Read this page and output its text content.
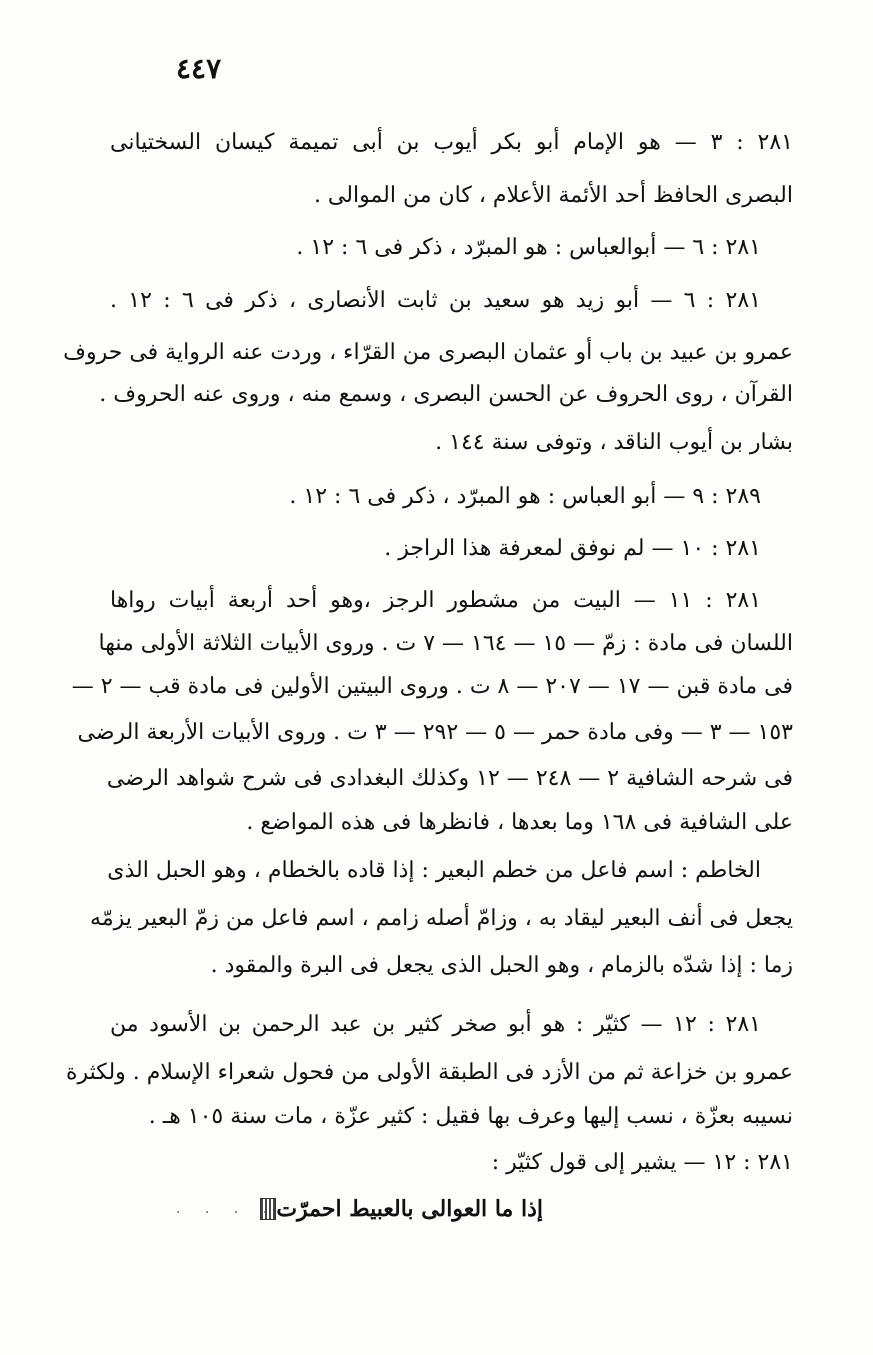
٤٤٧
٢٨١ : ٣ — هو الإمام أبو بكر أيوب بن أبى تميمة كيسان السختيانى
البصرى الحافظ أحد الأئمة الأعلام ، كان من الموالى .
٢٨١ : ٦ — أبوالعباس : هو المبرّد ، ذكر فى ٦ : ١٢ .
٢٨١ : ٦ — أبو زيد هو سعيد بن ثابت الأنصارى ، ذكر فى ٦ : ١٢ .
عمرو بن عبيد بن باب أو عثمان البصرى من القرّاء ، وردت عنه الرواية فى حروف
القرآن ، روى الحروف عن الحسن البصرى ، وسمع منه ، وروى عنه الحروف .
بشار بن أيوب الناقد ، وتوفى سنة ١٤٤ .
٢٨٩ : ٩ — أبو العباس : هو المبرّد ، ذكر فى ٦ : ١٢ .
٢٨١ : ١٠ — لم نوفق لمعرفة هذا الراجز .
٢٨١ : ١١ — البيت من مشطور الرجز ،وهو أحد أربعة أبيات رواها
اللسان فى مادة : زمّ — ١٥ — ١٦٤ — ٧ ت . وروى الأبيات الثلاثة الأولى منها
فى مادة قبن — ١٧ — ٢٠٧ — ٨ ت . وروى البيتين الأولين فى مادة قب — ٢ —
١٥٣ — ٣ — وفى مادة حمر — ٥ — ٢٩٢ — ٣ ت . وروى الأبيات الأربعة الرضى
فى شرحه الشافية ٢ — ٢٤٨ — ١٢ وكذلك البغدادى فى شرح شواهد الرضى
على الشافية فى ١٦٨ وما بعدها ، فانظرها فى هذه المواضع .
الخاطم : اسم فاعل من خطم البعير : إذا قاده بالخطام ، وهو الحبل الذى
يجعل فى أنف البعير ليقاد به ، وزامّ أصله زامم ، اسم فاعل من زمّ البعير يزمّه
زما : إذا شدّه بالزمام ، وهو الحبل الذى يجعل فى البرة والمقود .
٢٨١ : ١٢ — كثيّر : هو أبو صخر كثير بن عبد الرحمن بن الأسود من
عمرو بن خزاعة ثم من الأزد فى الطبقة الأولى من فحول شعراء الإسلام . ولكثرة
نسيبه بعزّة ، نسب إليها وعرف بها فقيل : كثير عزّة ، مات سنة ١٠٥ هـ .
٢٨١ : ١٢ — يشير إلى قول كثيّر :
إذا ما العوالى بالعبيط احمرّت
· · · ·
